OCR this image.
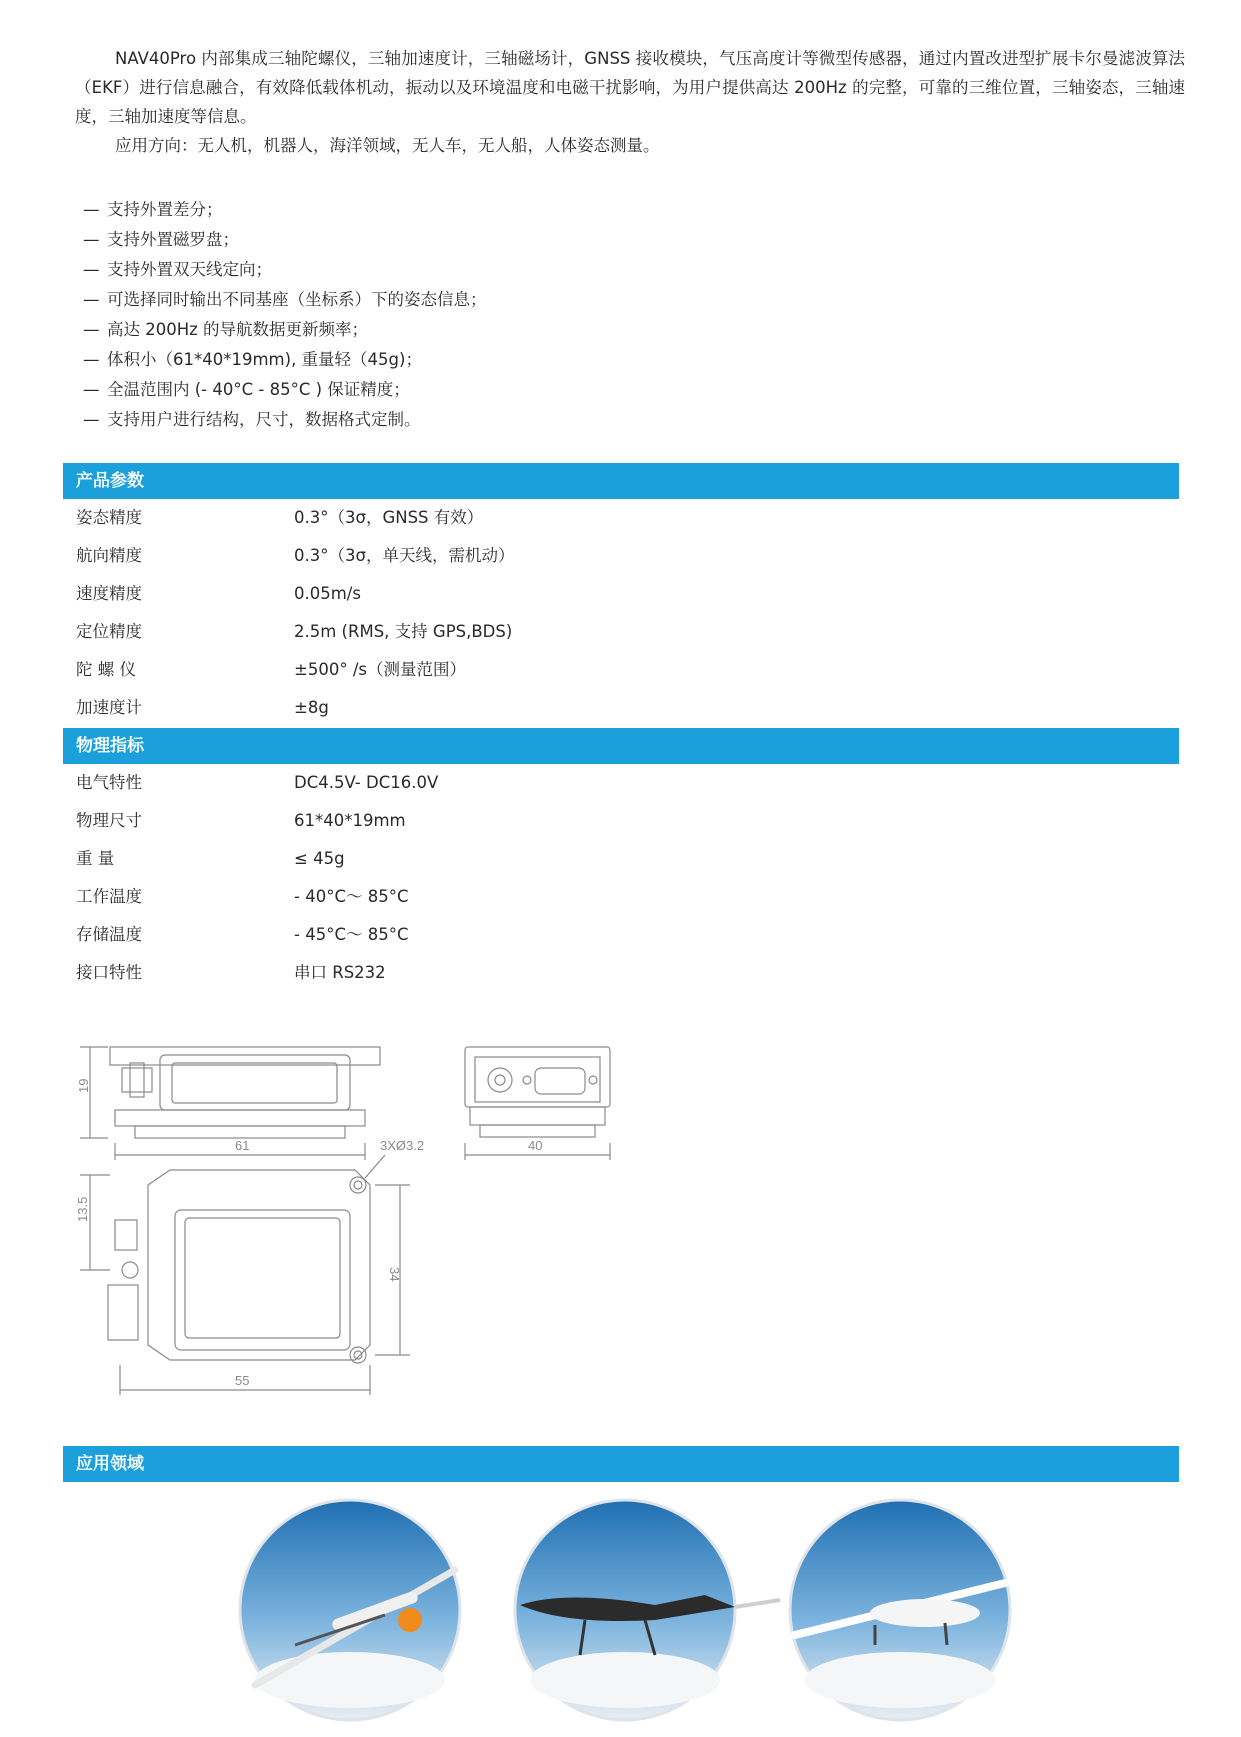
NAV40Pro 内部集成三轴陀螺仪，三轴加速度计，三轴磁场计，GNSS 接收模块，气压高度计等微型传感器，通过内置改进型扩展卡尔曼滤波算法（EKF）进行信息融合，有效降低载体机动，振动以及环境温度和电磁干扰影响，为用户提供高达 200Hz 的完整，可靠的三维位置，三轴姿态，三轴速度，三轴加速度等信息。

应用方向：无人机，机器人，海洋领域，无人车，无人船，人体姿态测量。

— 支持外置差分；
— 支持外置磁罗盘；
— 支持外置双天线定向；
— 可选择同时输出不同基座（坐标系）下的姿态信息；
— 高达 200Hz 的导航数据更新频率；
— 体积小（61*40*19mm), 重量轻（45g)；
— 全温范围内 (- 40°C - 85°C ) 保证精度；
— 支持用户进行结构，尺寸，数据格式定制。
产品参数
姿态精度	0.3°（3σ，GNSS 有效）
航向精度	0.3°（3σ，单天线，需机动）
速度精度	0.05m/s
定位精度	2.5m (RMS, 支持 GPS,BDS)
陀 螺 仪	±500° /s（测量范围）
加速度计	±8g
物理指标
电气特性	DC4.5V- DC16.0V
物理尺寸	61*40*19mm
重 量	≤ 45g
工作温度	- 40°C～ 85°C
存储温度	- 45°C～ 85°C
接口特性	串口 RS232
19
61	40
3XØ3.2
13.5
34
55
应用领域
